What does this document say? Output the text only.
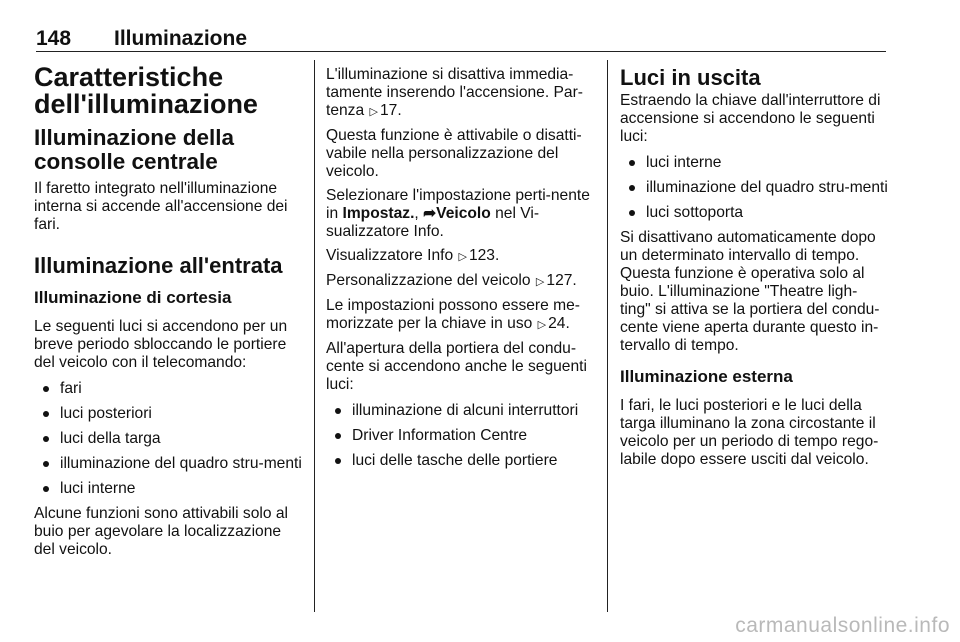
148 Illuminazione
Caratteristiche dell'illuminazione
Illuminazione della consolle centrale

Il faretto integrato nell'illuminazione interna si accende all'accensione dei fari.

Illuminazione all'entrata
Illuminazione di cortesia

Le seguenti luci si accendono per un breve periodo sbloccando le portiere del veicolo con il telecomando:

fari
luci posteriori
luci della targa
illuminazione del quadro stru-menti
luci interne

Alcune funzioni sono attivabili solo al buio per agevolare la localizzazione del veicolo.

L'illuminazione si disattiva immedia-tamente inserendo l'accensione. Par-tenza ▷ 17.

Questa funzione è attivabile o disatti-vabile nella personalizzazione del veicolo.

Selezionare l'impostazione perti-nente in Impostaz., ➦Veicolo nel Vi-sualizzatore Info.

Visualizzatore Info ▷ 123.

Personalizzazione del veicolo ▷ 127.

Le impostazioni possono essere me-morizzate per la chiave in uso ▷ 24.

All'apertura della portiera del condu-cente si accendono anche le seguenti luci:

illuminazione di alcuni interruttori
Driver Information Centre
luci delle tasche delle portiere
Luci in uscita

Estraendo la chiave dall'interruttore di accensione si accendono le seguenti luci:

luci interne
illuminazione del quadro stru-menti
luci sottoporta

Si disattivano automaticamente dopo un determinato intervallo di tempo. Questa funzione è operativa solo al buio. L'illuminazione "Theatre ligh-ting" si attiva se la portiera del condu-cente viene aperta durante questo in-tervallo di tempo.

Illuminazione esterna

I fari, le luci posteriori e le luci della targa illuminano la zona circostante il veicolo per un periodo di tempo rego-labile dopo essere usciti dal veicolo.

carmanualsonline.info
